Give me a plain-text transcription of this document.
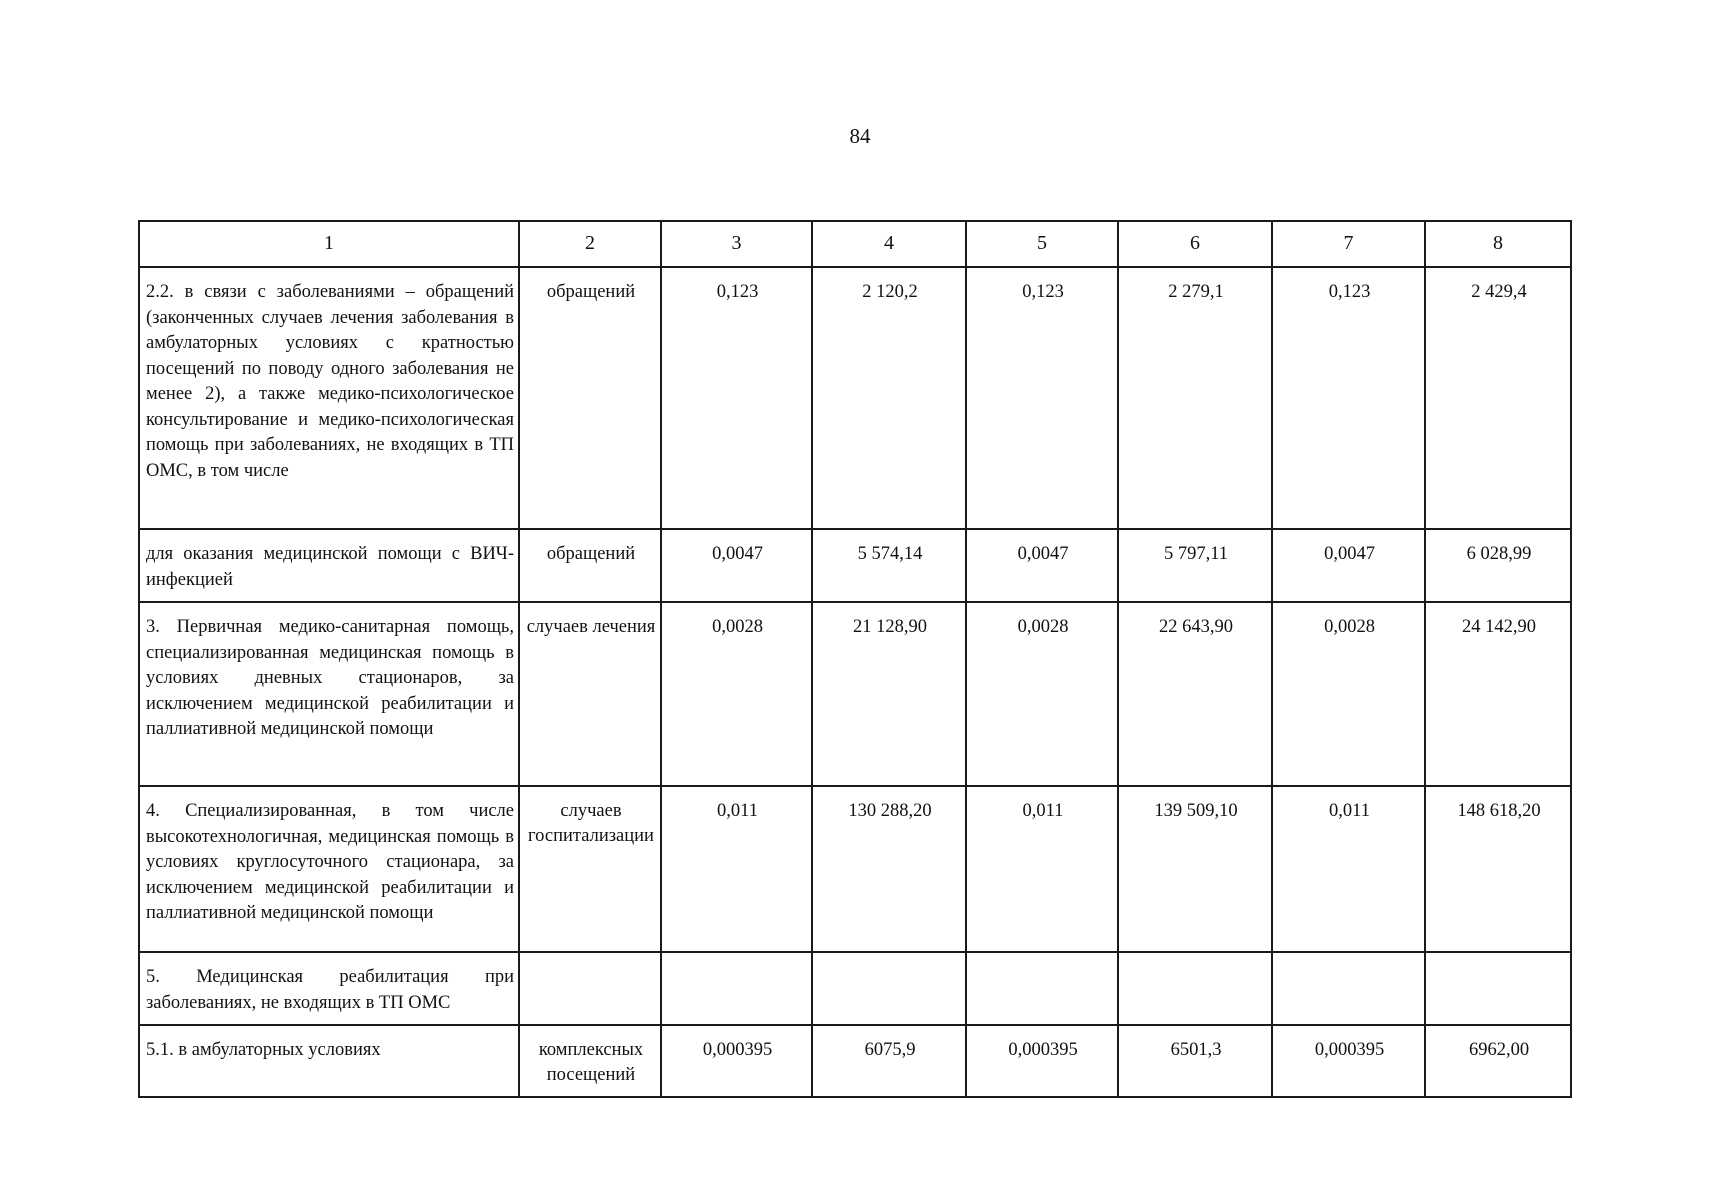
84
1	2	3	4	5	6	7	8
2.2. в связи с заболеваниями – обращений (законченных случаев лечения заболевания в амбулаторных условиях с кратностью посещений по поводу одного заболевания не менее 2), а также медико-психологическое консультирование и медико-психологическая помощь при заболеваниях, не входящих в ТП ОМС, в том числе	обращений	0,123	2 120,2	0,123	2 279,1	0,123	2 429,4
для оказания медицинской помощи с ВИЧ-инфекцией	обращений	0,0047	5 574,14	0,0047	5 797,11	0,0047	6 028,99
3. Первичная медико-санитарная помощь, специализированная медицинская помощь в условиях дневных стационаров, за исключением медицинской реабилитации и паллиативной медицинской помощи	случаев лечения	0,0028	21 128,90	0,0028	22 643,90	0,0028	24 142,90
4. Специализированная, в том числе высокотехнологичная, медицинская помощь в условиях круглосуточного стационара, за исключением медицинской реабилитации и паллиативной медицинской помощи	случаев госпитализации	0,011	130 288,20	0,011	139 509,10	0,011	148 618,20
5. Медицинская реабилитация при заболеваниях, не входящих в ТП ОМС							
5.1. в амбулаторных условиях	комплексных посещений	0,000395	6075,9	0,000395	6501,3	0,000395	6962,00
